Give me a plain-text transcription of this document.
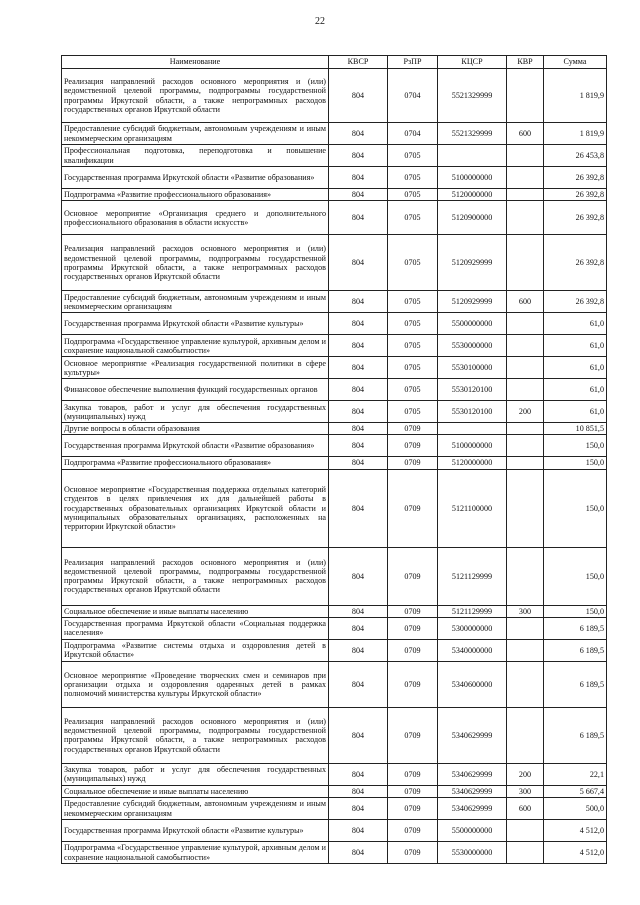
22
Наименование	КВСР	РзПР	КЦСР	КВР	Сумма
Реализация направлений расходов основного мероприятия и (или) ведомственной целевой программы, подпрограммы государственной программы Иркутской области, а также непрограммных расходов государственных органов Иркутской области	804	0704	5521329999		1 819,9
Предоставление субсидий бюджетным, автономным учреждениям и иным некоммерческим организациям	804	0704	5521329999	600	1 819,9
Профессиональная подготовка, переподготовка и повышение квалификации	804	0705			26 453,8
Государственная программа Иркутской области «Развитие образования»	804	0705	5100000000		26 392,8
Подпрограмма «Развитие профессионального образования»	804	0705	5120000000		26 392,8
Основное мероприятие «Организация среднего и дополнительного профессионального образования в области искусств»	804	0705	5120900000		26 392,8
Реализация направлений расходов основного мероприятия и (или) ведомственной целевой программы, подпрограммы государственной программы Иркутской области, а также непрограммных расходов государственных органов Иркутской области	804	0705	5120929999		26 392,8
Предоставление субсидий бюджетным, автономным учреждениям и иным некоммерческим организациям	804	0705	5120929999	600	26 392,8
Государственная программа Иркутской области «Развитие культуры»	804	0705	5500000000		61,0
Подпрограмма «Государственное управление культурой, архивным делом и сохранение национальной самобытности»	804	0705	5530000000		61,0
Основное мероприятие «Реализация государственной политики в сфере культуры»	804	0705	5530100000		61,0
Финансовое обеспечение выполнения функций государственных органов	804	0705	5530120100		61,0
Закупка товаров, работ и услуг для обеспечения государственных (муниципальных) нужд	804	0705	5530120100	200	61,0
Другие вопросы в области образования	804	0709			10 851,5
Государственная программа Иркутской области «Развитие образования»	804	0709	5100000000		150,0
Подпрограмма «Развитие профессионального образования»	804	0709	5120000000		150,0
Основное мероприятие «Государственная поддержка отдельных категорий студентов в целях привлечения их для дальнейшей работы в государственных образовательных организациях Иркутской области и муниципальных образовательных организациях, расположенных на территории Иркутской области»	804	0709	5121100000		150,0
Реализация направлений расходов основного мероприятия и (или) ведомственной целевой программы, подпрограммы государственной программы Иркутской области, а также непрограммных расходов государственных органов Иркутской области	804	0709	5121129999		150,0
Социальное обеспечение и иные выплаты населению	804	0709	5121129999	300	150,0
Государственная программа Иркутской области «Социальная поддержка населения»	804	0709	5300000000		6 189,5
Подпрограмма «Развитие системы отдыха и оздоровления детей в Иркутской области»	804	0709	5340000000		6 189,5
Основное мероприятие «Проведение творческих смен и семинаров при организации отдыха и оздоровления одаренных детей в рамках полномочий министерства культуры Иркутской области»	804	0709	5340600000		6 189,5
Реализация направлений расходов основного мероприятия и (или) ведомственной целевой программы, подпрограммы государственной программы Иркутской области, а также непрограммных расходов государственных органов Иркутской области	804	0709	5340629999		6 189,5
Закупка товаров, работ и услуг для обеспечения государственных (муниципальных) нужд	804	0709	5340629999	200	22,1
Социальное обеспечение и иные выплаты населению	804	0709	5340629999	300	5 667,4
Предоставление субсидий бюджетным, автономным учреждениям и иным некоммерческим организациям	804	0709	5340629999	600	500,0
Государственная программа Иркутской области «Развитие культуры»	804	0709	5500000000		4 512,0
Подпрограмма «Государственное управление культурой, архивным делом и сохранение национальной самобытности»	804	0709	5530000000		4 512,0
